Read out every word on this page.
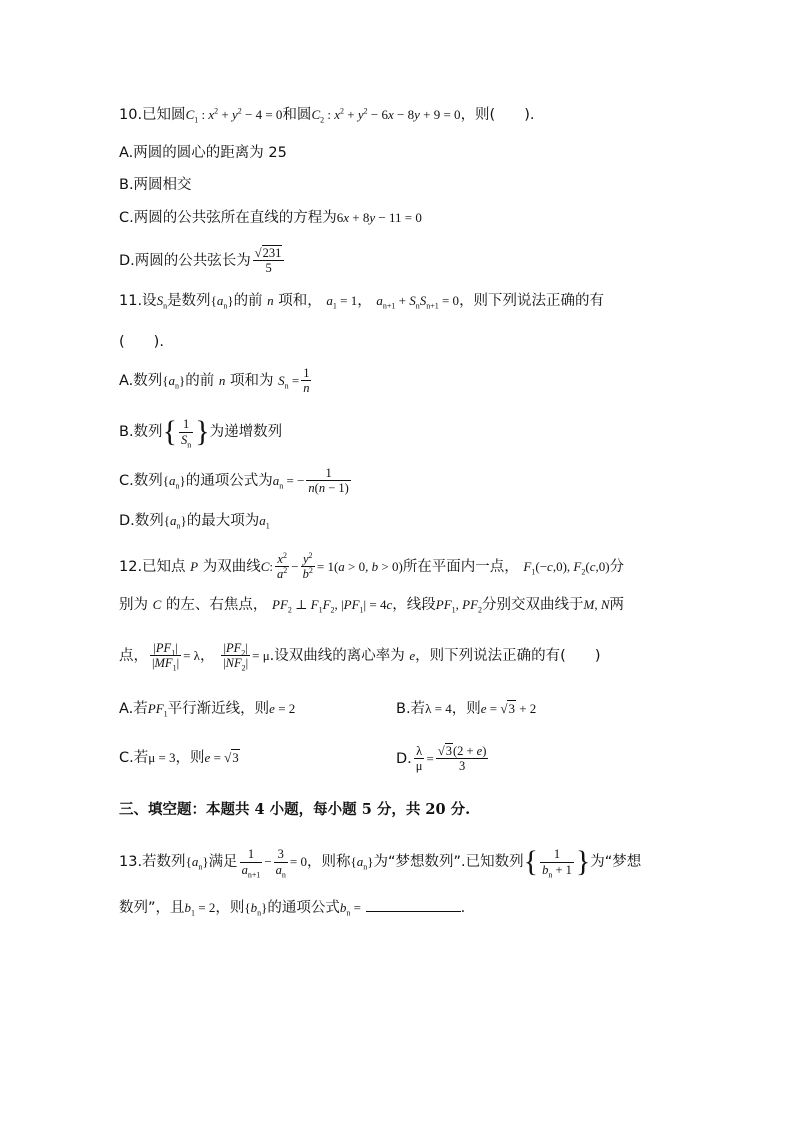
10.已知圆$C_1$ : $x^2 + y^2 - 4 = 0$和圆$C_2$ : $x^2 + y^2 - 6x - 8y + 9 = 0$，则(　　).
A.两圆的圆心的距离为 25
B.两圆相交
C.两圆的公共弦所在直线的方程为6x + 8y − 11 = 0
D.两圆的公共弦长为 $\frac{√231}{5}$
11.设$S_n$是数列$\{a_n\}$的前 n 项和， $a_1 = 1$， $a_{n+1} + S_nS_{n+1} = 0$，则下列说法正确的有
(　　).
A.数列$\{a_n\}$的前 n 项和为 $S_n = \frac{1}{n}$
B.数列{ $\frac{1}{S_n}$ }为递增数列
C.数列$\{a_n\}$的通项公式为$a_n$ = − $\frac{1}{n(n - 1)}$
D.数列$\{a_n\}$的最大项为$a_1$
12.已知点 P 为双曲线C: $\frac{x^2}{a^2} - \frac{y^2}{b^2} = 1(a > 0$, b > 0)所在平面内一点， $F_1(-c,0)$, $F_2(c,0)$分
别为 C 的左、右焦点， $PF_2$ ⊥ $F_1F_2$, $|PF_1| = 4c$，线段$PF_1$, $PF_2$分别交双曲线于M, N两
点， $\frac{|PF_1|}{|MF_1|} = \lambda$， $\frac{|PF_2|}{|NF_2|} = \mu$.设双曲线的离心率为 e，则下列说法正确的有(　　)
A.若$PF_1$平行渐近线，则e = 2	B.若λ = 4，则e = √3 + 2
C.若μ = 3，则e = √3	D. $\frac{\lambda}{\mu} = \frac{√3(2 + e)}{3}$
三、填空题：本题共 4 小题，每小题 5 分，共 20 分.
13.若数列$\{a_n\}$满足 $\frac{1}{a_{n+1}} - \frac{3}{a_n} = 0$，则称$\{a_n\}$为“梦想数列”.已知数列{ $\frac{1}{b_n + 1}$ }为“梦想
数列”，且$b_1 = 2$，则$\{b_n\}$的通项公式$b_n$ =	.
